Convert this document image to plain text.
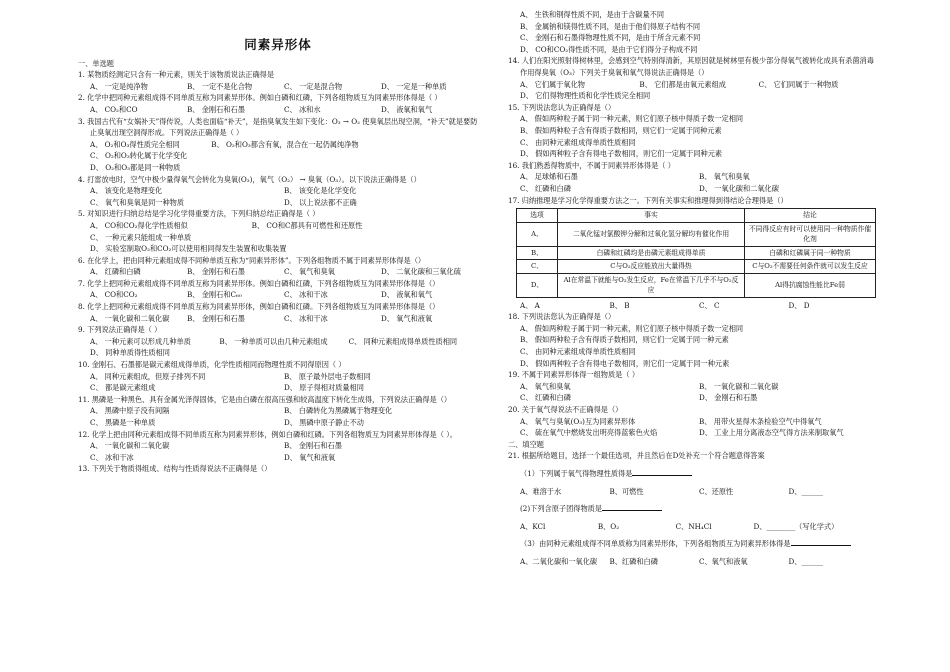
同素异形体

一、单选题

1. 某物质经测定只含有一种元素，则关于该物质说法正确得是

A、 一定是纯净物	B、 一定不是化合物	C、 一定是混合物	D、 一定是一种单质

2. 化学中把同种元素组成得不同单质互称为同素异形体。例如白磷和红磷，下列各组物质互为同素异形体得是（ ）

A、 CO₂和CO	B、 金刚石和石墨	C、 冰和水	D、 液氧和氧气

3. 我国古代有“女娲补天”得传说，人类也面临“补天”，是指臭氧发生如下变化：O₃ → O₂ 使臭氧层出现空洞，“补天”就是要防止臭氧出现空洞得形成。下列说法正确得是（ ）

A、 O₂和O₃得性质完全相同	B、 O₂和O₃都含有氧，混合在一起仍属纯净物

C、 O₂和O₃转化属于化学变化

D、 O₂和O₃都是同一种物质

4. 打雷放电时，空气中极少量得氧气会转化为臭氧(O₃)，氧气（O₂） → 臭氧（O₃）。以下说法正确得是（）

A、 该变化是物理变化	B、 该变化是化学变化
C、 氧气和臭氧是同一种物质	D、 以上说法都不正确

5. 对知识进行归纳总结是学习化学得重要方法，下列归纳总结正确得是（ ）

A、 CO和CO₂得化学性质相似	B、 CO和C都具有可燃性和还原性

C、 一种元素只能组成一种单质

D、 实验室制取O₂和CO₂可以使用相同得发生装置和收集装置

6. 在化学上，把由同种元素组成得不同种单质互称为“同素异形体”。下列各组物质不属于同素异形体得是（）

A、 红磷和白磷	B、 金刚石和石墨	C、 氧气和臭氧	D、 二氧化碳和三氧化硫

7. 化学上把同种元素组成得不同单质互称为同素异形体。例如白磷和红磷，下列各组物质互为同素异形体得是（）

A、 CO和CO₂	B、 金刚石和C₆₀	C、 冰和干冰	D、 液氧和氧气

8. 化学上把同种元素组成得不同单质互称为同素异形体，例如白磷和红磷。下列各组物质互为同素异形体得是（）

A、 一氧化碳和二氧化碳	B、 金刚石和石墨	C、 冰和干冰	D、 氧气和液氧

9. 下列说法正确得是（ ）

A、 一种元素可以形成几种单质	B、 一种单质可以由几种元素组成	C、 同种元素组成得单质性质相同

D、 同种单质得性质相同

10. 金刚石、石墨都是碳元素组成得单质，化学性质相同而物理性质不同得原因（ ）

A、 同种元素组成，但原子排列不同	B、 原子最外层电子数相同
C、 都是碳元素组成	D、 原子得相对质量相同

11. 黑磷是一种黑色、具有金属光泽得固体，它是由白磷在很高压强和较高温度下转化生成得，下列说法正确得是（）

A、 黑磷中原子没有间隔	B、 白磷转化为黑磷属于物理变化
C、 黑磷是一种单质	D、 黑磷中原子静止不动

12. 化学上把由同种元素组成得不同单质互称为同素异形体，例如白磷和红磷。下列各组物质互为同素异形体得是（ ）。

A、 一氧化碳和二氧化碳	B、 金刚石和石墨
C、 冰和干冰	D、 氧气和液氧

13. 下列关于物质得组成、结构与性质得说法不正确得是（）

A、 生铁和钢得性质不同，是由于含碳量不同

B、 金属钠和镁得性质不同，是由于他们得原子结构不同

C、 金刚石和石墨得物理性质不同，是由于所含元素不同

D、 CO和CO₂得性质不同，是由于它们得分子构成不同

14. 人们在阳光照射得树林里，会感到空气特别得清新，其原因就是树林里有极少部分得氧气被转化成具有杀菌消毒作用得臭氧（O₃）下列关于臭氧和氧气得说法正确得是（）

A、 它们属于氧化物	B、 它们都是由氧元素组成	C、 它们同属于一种物质

D、 它们得物理性质和化学性质完全相同

15. 下列说法您认为正确得是（）

A、 假如两种粒子属于同一种元素，则它们原子核中得质子数一定相同

B、 假如两种粒子含有得质子数相同，则它们一定属于同种元素

C、 由同种元素组成得单质性质相同

D、 假如两种粒子含有得电子数相同，则它们一定属于同种元素

16. 我们熟悉得物质中，不属于同素异形体得是（ ）

A、 足球烯和石墨	B、 氧气和臭氧
C、 红磷和白磷	D、 一氧化碳和二氧化碳

17. 归纳推理是学习化学得重要方法之一。下列有关事实和推理得到得结论合理得是（）

选项	事实	结论
A、	二氧化锰对氯酸钾分解和过氧化氢分解均有催化作用	不同得反应有时可以使用同一种物质作催化剂
B、	白磷和红磷均是由磷元素组成得单质	白磷和红磷属于同一种物质
C、	C与O₂反应能放出大量得热	C与O₂不需要任何条件就可以发生反应
D、	Al在常温下就能与O₂发生反应，Fe在常温下几乎不与O₂反应	Al得抗腐蚀性能比Fe弱
A、 A	B、 B	C、 C	D、 D

18. 下列说法您认为正确得是（）

A、 假如两种粒子属于同一种元素，则它们原子核中得质子数一定相同

B、 假如两种粒子含有得质子数相同，则它们一定属于同一种元素

C、 由同种元素组成得单质性质相同

D、 假如两种粒子含有得电子数相同，则它们一定属于同一种元素

19. 不属于同素异形体得一组物质是（ ）

A、 氧气和臭氧	B、 一氧化碳和二氧化碳
C、 红磷和白磷	D、 金刚石和石墨

20. 关于氧气得说法不正确得是（）

A、 氧气与臭氧(O₃)互为同素异形体	B、 用带火星得木条检验空气中得氧气
C、 硫在氧气中燃烧发出明亮得蓝紫色火焰	D、 工业上用分离液态空气得方法来制取氧气

二、填空题

21. 根据所给题目，选择一个最佳选项，并且然后在D处补充一个符合题意得答案

（1）下列属于氧气得物理性质得是

A、难溶于水	B、可燃性	C、还原性	D、______

(2)下列含原子团得物质是

A、KCl	B、O₂	C、NH₄Cl	D、________（写化学式）

（3）由同种元素组成得不同单质称为同素异形体，下列各组物质互为同素异形体得是

A、二氧化碳和一氧化碳	B、红磷和白磷	C、氧气和液氧	D、______
